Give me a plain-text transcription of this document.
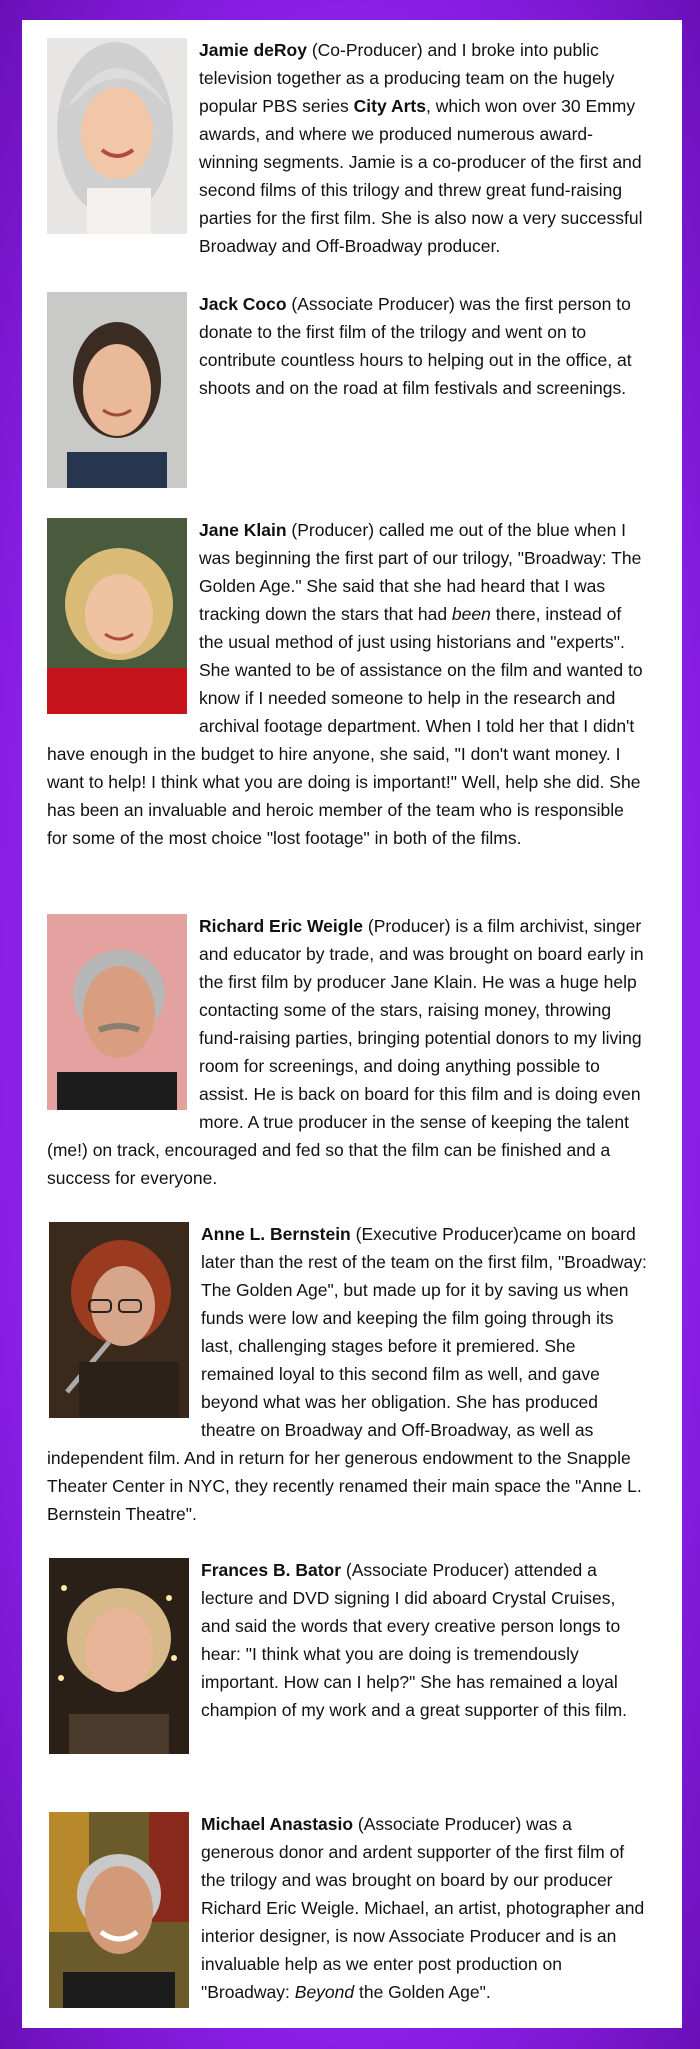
Jamie deRoy (Co-Producer) and I broke into public television together as a producing team on the hugely popular PBS series City Arts, which won over 30 Emmy awards, and where we produced numerous award-winning segments. Jamie is a co-producer of the first and second films of this trilogy and threw great fund-raising parties for the first film. She is also now a very successful Broadway and Off-Broadway producer.
Jack Coco (Associate Producer) was the first person to donate to the first film of the trilogy and went on to contribute countless hours to helping out in the office, at shoots and on the road at film festivals and screenings.
Jane Klain (Producer) called me out of the blue when I was beginning the first part of our trilogy, "Broadway: The Golden Age." She said that she had heard that I was tracking down the stars that had been there, instead of the usual method of just using historians and "experts". She wanted to be of assistance on the film and wanted to know if I needed someone to help in the research and archival footage department. When I told her that I didn't have enough in the budget to hire anyone, she said, "I don't want money. I want to help! I think what you are doing is important!" Well, help she did. She has been an invaluable and heroic member of the team who is responsible for some of the most choice "lost footage" in both of the films.
Richard Eric Weigle (Producer) is a film archivist, singer and educator by trade, and was brought on board early in the first film by producer Jane Klain. He was a huge help contacting some of the stars, raising money, throwing fund-raising parties, bringing potential donors to my living room for screenings, and doing anything possible to assist. He is back on board for this film and is doing even more. A true producer in the sense of keeping the talent (me!) on track, encouraged and fed so that the film can be finished and a success for everyone.
Anne L. Bernstein (Executive Producer)came on board later than the rest of the team on the first film, "Broadway: The Golden Age", but made up for it by saving us when funds were low and keeping the film going through its last, challenging stages before it premiered. She remained loyal to this second film as well, and gave beyond what was her obligation. She has produced theatre on Broadway and Off-Broadway, as well as independent film. And in return for her generous endowment to the Snapple Theater Center in NYC, they recently renamed their main space the "Anne L. Bernstein Theatre".
Frances B. Bator (Associate Producer) attended a lecture and DVD signing I did aboard Crystal Cruises, and said the words that every creative person longs to hear: "I think what you are doing is tremendously important. How can I help?" She has remained a loyal champion of my work and a great supporter of this film.
Michael Anastasio (Associate Producer) was a generous donor and ardent supporter of the first film of the trilogy and was brought on board by our producer Richard Eric Weigle. Michael, an artist, photographer and interior designer, is now Associate Producer and is an invaluable help as we enter post production on "Broadway: Beyond the Golden Age".
